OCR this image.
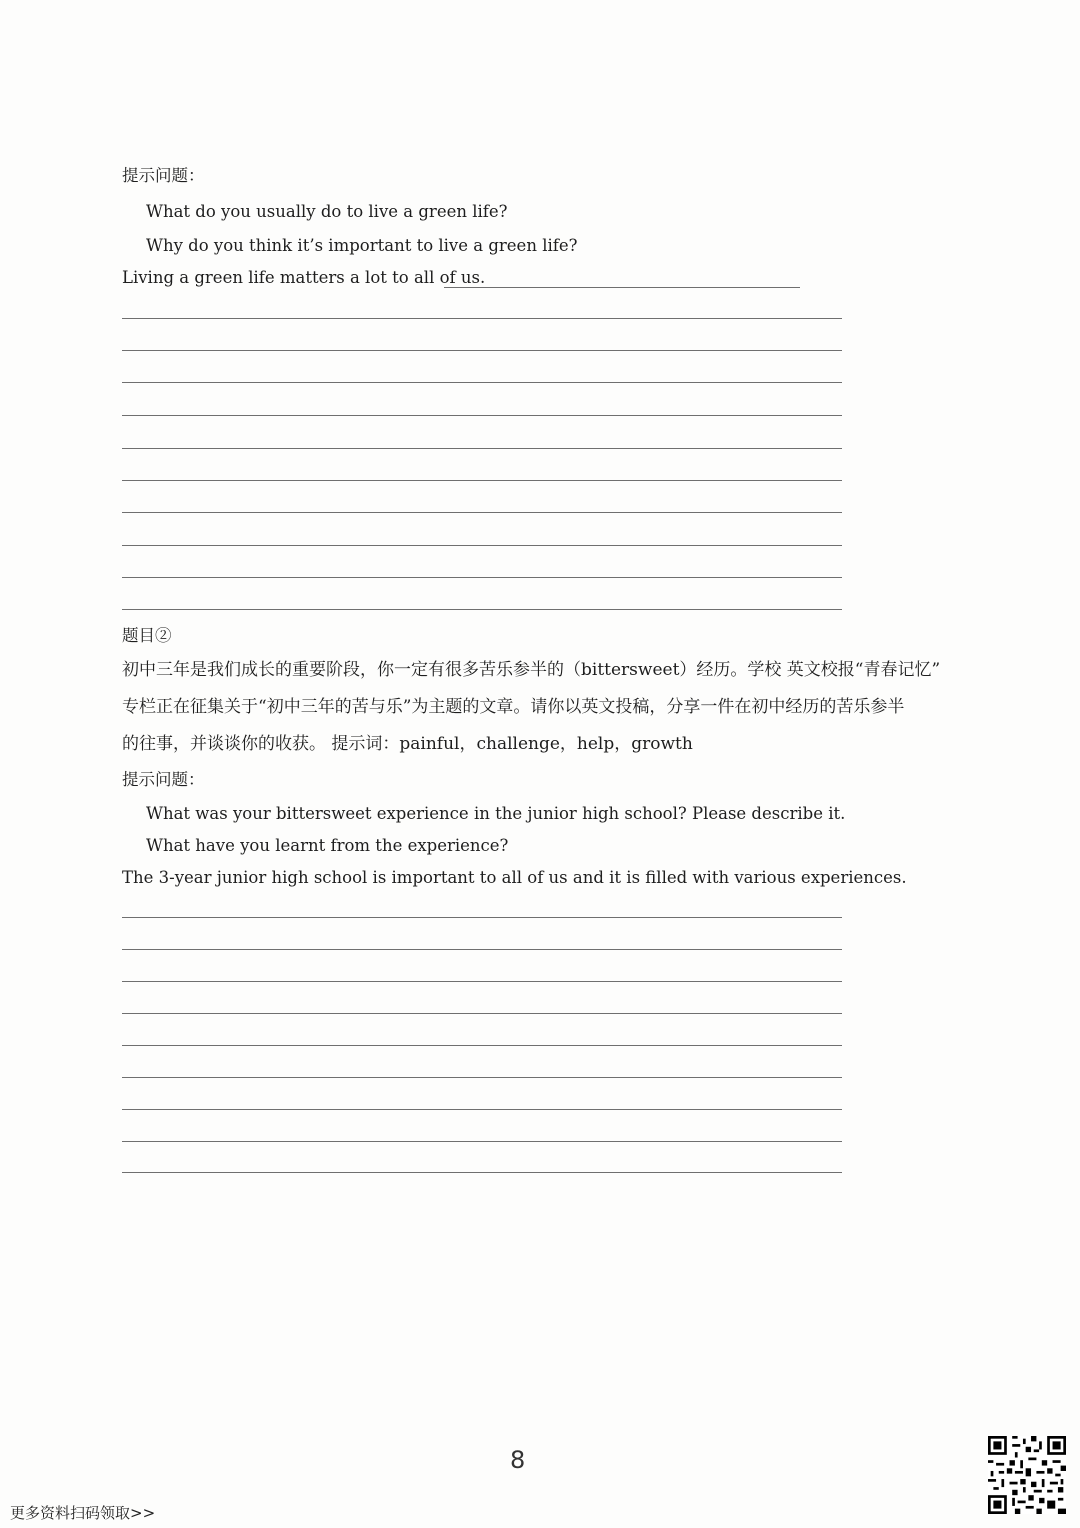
提示问题：
What do you usually do to live a green life?
Why do you think it’s important to live a green life?
Living a green life matters a lot to all of us.
题目②
初中三年是我们成长的重要阶段，你一定有很多苦乐参半的（bittersweet）经历。学校 英文校报“青春记忆”
专栏正在征集关于“初中三年的苦与乐”为主题的文章。请你以英文投稿，分享一件在初中经历的苦乐参半
的往事，并谈谈你的收获。 提示词：painful，challenge，help，growth
提示问题：
What was your bittersweet experience in the junior high school? Please describe it.
What have you learnt from the experience?
The 3-year junior high school is important to all of us and it is filled with various experiences.
8
更多资料扫码领取>>
